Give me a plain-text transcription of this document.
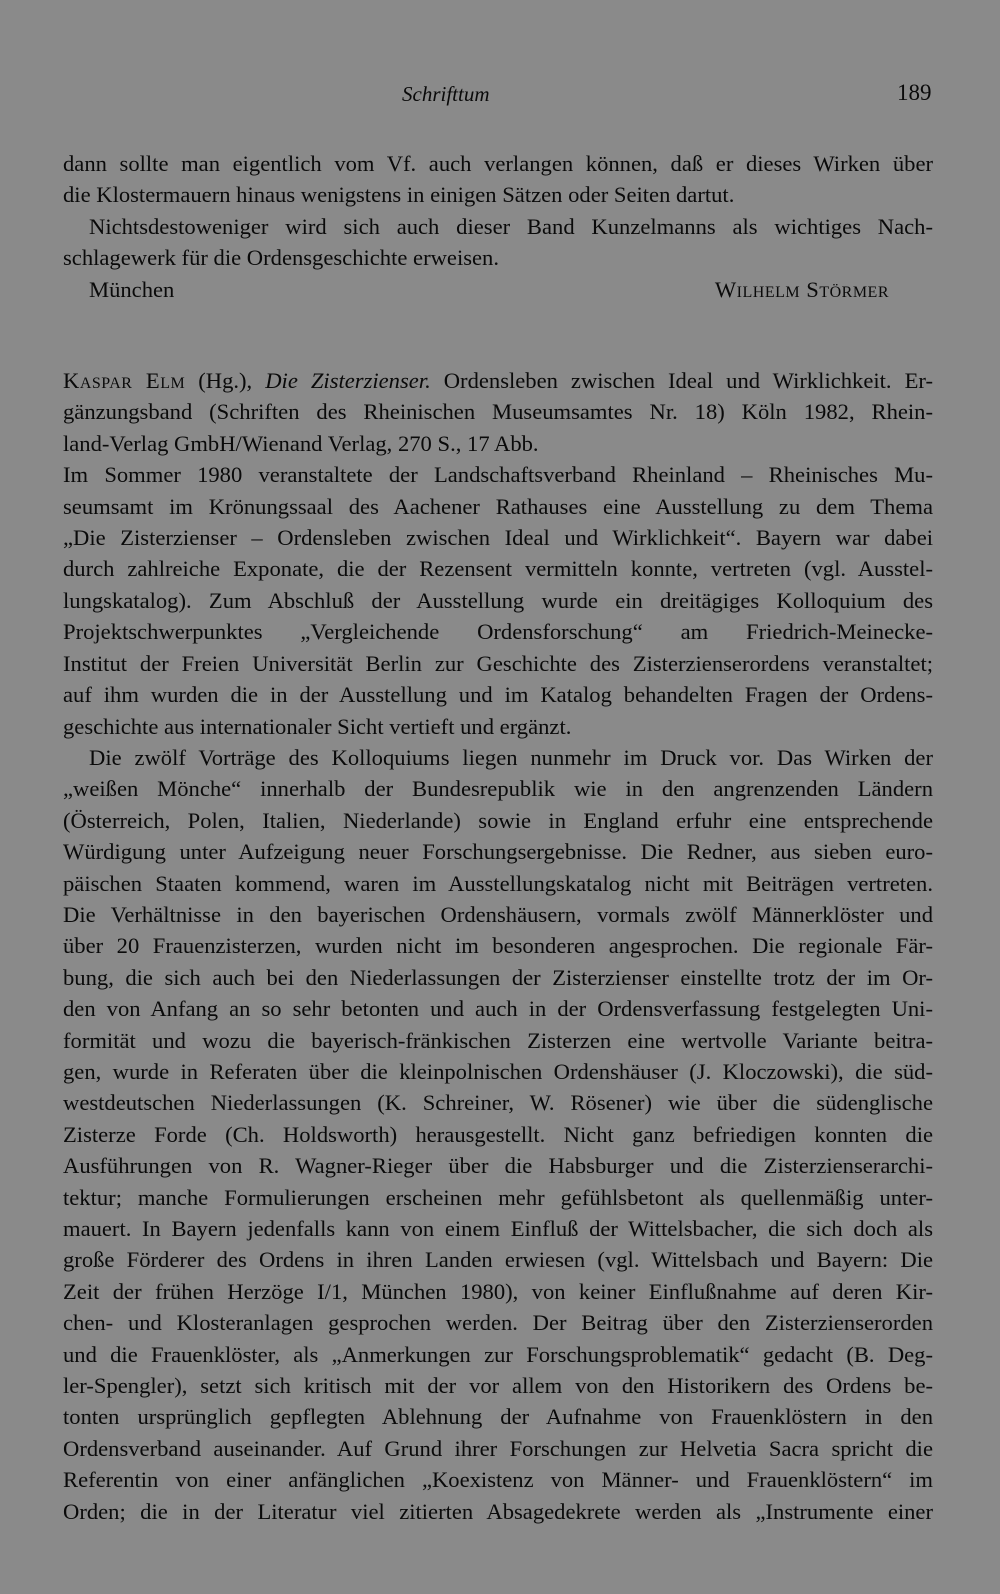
Schrifttum	189

dann sollte man eigentlich vom Vf. auch verlangen können, daß er dieses Wirken über

die Klostermauern hinaus wenigstens in einigen Sätzen oder Seiten dartut.

Nichtsdestoweniger wird sich auch dieser Band Kunzelmanns als wichtiges Nach-

schlagewerk für die Ordensgeschichte erweisen.

München	Wilhelm Störmer

Kaspar Elm (Hg.), Die Zisterzienser. Ordensleben zwischen Ideal und Wirklichkeit. Er-

gänzungsband (Schriften des Rheinischen Museumsamtes Nr. 18) Köln 1982, Rhein-

land-Verlag GmbH/Wienand Verlag, 270 S., 17 Abb.

Im Sommer 1980 veranstaltete der Landschaftsverband Rheinland – Rheinisches Mu-

seumsamt im Krönungssaal des Aachener Rathauses eine Ausstellung zu dem Thema

„Die Zisterzienser – Ordensleben zwischen Ideal und Wirklichkeit“. Bayern war dabei

durch zahlreiche Exponate, die der Rezensent vermitteln konnte, vertreten (vgl. Ausstel-

lungskatalog). Zum Abschluß der Ausstellung wurde ein dreitägiges Kolloquium des

Projektschwerpunktes „Vergleichende Ordensforschung“ am Friedrich-Meinecke-

Institut der Freien Universität Berlin zur Geschichte des Zisterzienserordens veranstaltet;

auf ihm wurden die in der Ausstellung und im Katalog behandelten Fragen der Ordens-

geschichte aus internationaler Sicht vertieft und ergänzt.

Die zwölf Vorträge des Kolloquiums liegen nunmehr im Druck vor. Das Wirken der

„weißen Mönche“ innerhalb der Bundesrepublik wie in den angrenzenden Ländern

(Österreich, Polen, Italien, Niederlande) sowie in England erfuhr eine entsprechende

Würdigung unter Aufzeigung neuer Forschungsergebnisse. Die Redner, aus sieben euro-

päischen Staaten kommend, waren im Ausstellungskatalog nicht mit Beiträgen vertreten.

Die Verhältnisse in den bayerischen Ordenshäusern, vormals zwölf Männerklöster und

über 20 Frauenzisterzen, wurden nicht im besonderen angesprochen. Die regionale Fär-

bung, die sich auch bei den Niederlassungen der Zisterzienser einstellte trotz der im Or-

den von Anfang an so sehr betonten und auch in der Ordensverfassung festgelegten Uni-

formität und wozu die bayerisch-fränkischen Zisterzen eine wertvolle Variante beitra-

gen, wurde in Referaten über die kleinpolnischen Ordenshäuser (J. Kloczowski), die süd-

westdeutschen Niederlassungen (K. Schreiner, W. Rösener) wie über die südenglische

Zisterze Forde (Ch. Holdsworth) herausgestellt. Nicht ganz befriedigen konnten die

Ausführungen von R. Wagner-Rieger über die Habsburger und die Zisterzienserarchi-

tektur; manche Formulierungen erscheinen mehr gefühlsbetont als quellenmäßig unter-

mauert. In Bayern jedenfalls kann von einem Einfluß der Wittelsbacher, die sich doch als

große Förderer des Ordens in ihren Landen erwiesen (vgl. Wittelsbach und Bayern: Die

Zeit der frühen Herzöge I/1, München 1980), von keiner Einflußnahme auf deren Kir-

chen- und Klosteranlagen gesprochen werden. Der Beitrag über den Zisterzienserorden

und die Frauenklöster, als „Anmerkungen zur Forschungsproblematik“ gedacht (B. Deg-

ler-Spengler), setzt sich kritisch mit der vor allem von den Historikern des Ordens be-

tonten ursprünglich gepflegten Ablehnung der Aufnahme von Frauenklöstern in den

Ordensverband auseinander. Auf Grund ihrer Forschungen zur Helvetia Sacra spricht die

Referentin von einer anfänglichen „Koexistenz von Männer- und Frauenklöstern“ im

Orden; die in der Literatur viel zitierten Absagedekrete werden als „Instrumente einer
